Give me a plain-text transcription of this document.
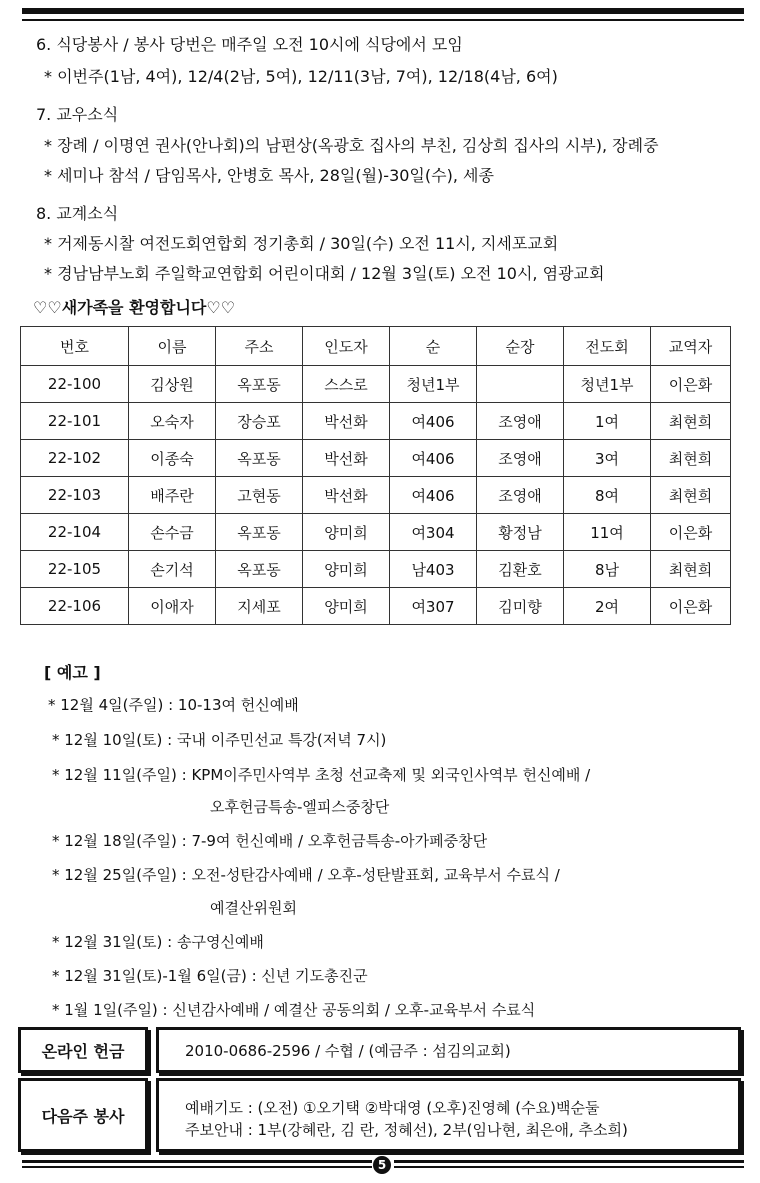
6. 식당봉사 / 봉사 당번은 매주일 오전 10시에 식당에서 모임
* 이번주(1남, 4여), 12/4(2남, 5여), 12/11(3남, 7여), 12/18(4남, 6여)
7. 교우소식
* 장례 / 이명연 권사(안나회)의 남편상(옥광호 집사의 부친, 김상희 집사의 시부), 장례중
* 세미나 참석 / 담임목사, 안병호 목사, 28일(월)-30일(수), 세종
8. 교계소식
* 거제동시찰 여전도회연합회 정기총회 / 30일(수) 오전 11시, 지세포교회
* 경남남부노회 주일학교연합회 어린이대회 / 12월 3일(토) 오전 10시, 염광교회
♡♡새가족을 환영합니다♡♡
번호	이름	주소	인도자	순	순장	전도회	교역자
22-100	김상원	옥포동	스스로	청년1부		청년1부	이은화
22-101	오숙자	장승포	박선화	여406	조영애	1여	최현희
22-102	이종숙	옥포동	박선화	여406	조영애	3여	최현희
22-103	배주란	고현동	박선화	여406	조영애	8여	최현희
22-104	손수금	옥포동	양미희	여304	황정남	11여	이은화
22-105	손기석	옥포동	양미희	남403	김환호	8남	최현희
22-106	이애자	지세포	양미희	여307	김미향	2여	이은화
[ 예고 ]
* 12월 4일(주일) : 10-13여 헌신예배
* 12월 10일(토) : 국내 이주민선교 특강(저녁 7시)
* 12월 11일(주일) : KPM이주민사역부 초청 선교축제 및 외국인사역부 헌신예배 /
오후헌금특송-엘피스중창단
* 12월 18일(주일) : 7-9여 헌신예배 / 오후헌금특송-아가페중창단
* 12월 25일(주일) : 오전-성탄감사예배 / 오후-성탄발표회, 교육부서 수료식 /
예결산위원회
* 12월 31일(토) : 송구영신예배
* 12월 31일(토)-1월 6일(금) : 신년 기도총진군
* 1월 1일(주일) : 신년감사예배 / 예결산 공동의회 / 오후-교육부서 수료식
온라인 헌금	2010-0686-2596 / 수협 / (예금주 : 섬김의교회)
다음주 봉사	예배기도 : (오전) ①오기택 ②박대영 (오후)진영혜 (수요)백순둘
주보안내 : 1부(강혜란, 김 란, 정혜선), 2부(임나현, 최은애, 추소희)
5
